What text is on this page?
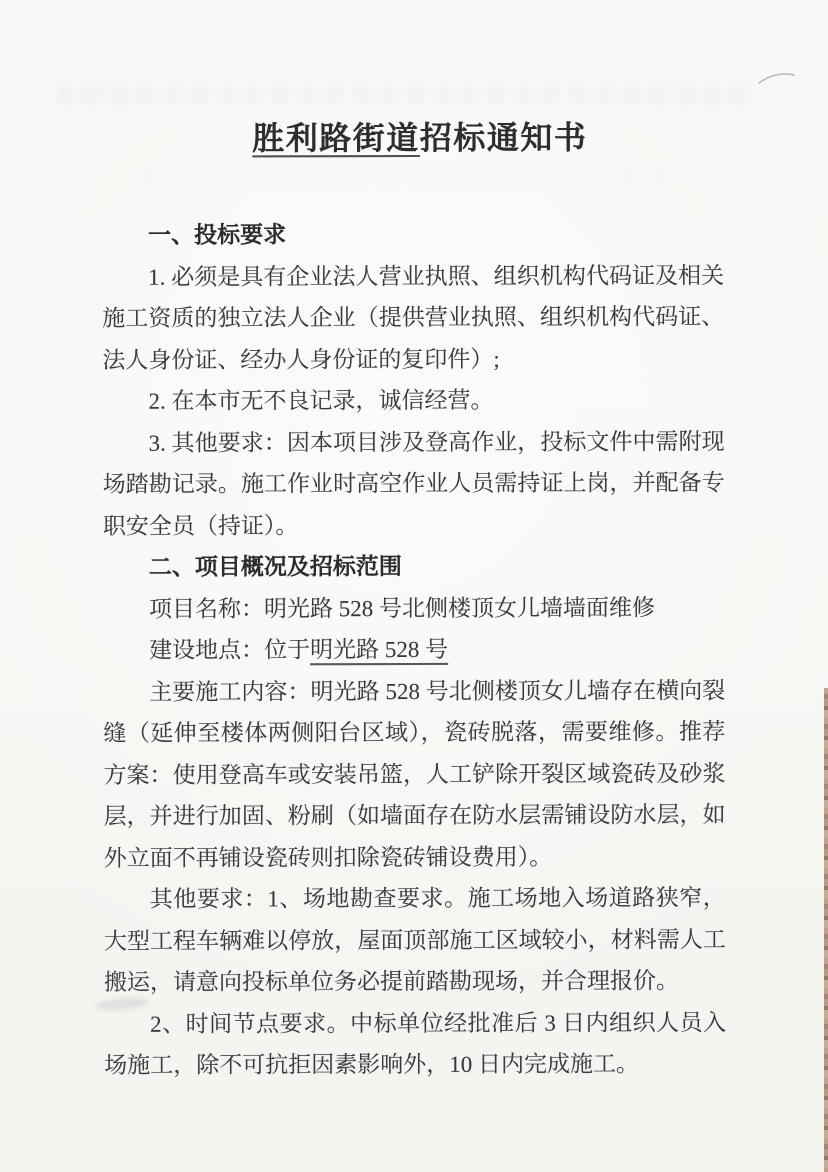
胜利路街道招标通知书
一、投标要求

1. 必须是具有企业法人营业执照、组织机构代码证及相关施工资质的独立法人企业（提供营业执照、组织机构代码证、法人身份证、经办人身份证的复印件）;

2. 在本市无不良记录，诚信经营。

3. 其他要求：因本项目涉及登高作业，投标文件中需附现场踏勘记录。施工作业时高空作业人员需持证上岗，并配备专职安全员（持证）。

二、项目概况及招标范围

项目名称：明光路 528 号北侧楼顶女儿墙墙面维修

建设地点：位于明光路 528 号

主要施工内容：明光路 528 号北侧楼顶女儿墙存在横向裂缝（延伸至楼体两侧阳台区域），瓷砖脱落，需要维修。推荐方案：使用登高车或安装吊篮，人工铲除开裂区域瓷砖及砂浆层，并进行加固、粉刷（如墙面存在防水层需铺设防水层，如外立面不再铺设瓷砖则扣除瓷砖铺设费用）。

其他要求：1、场地勘查要求。施工场地入场道路狭窄，大型工程车辆难以停放，屋面顶部施工区域较小，材料需人工搬运，请意向投标单位务必提前踏勘现场，并合理报价。

2、时间节点要求。中标单位经批准后 3 日内组织人员入场施工，除不可抗拒因素影响外，10 日内完成施工。
